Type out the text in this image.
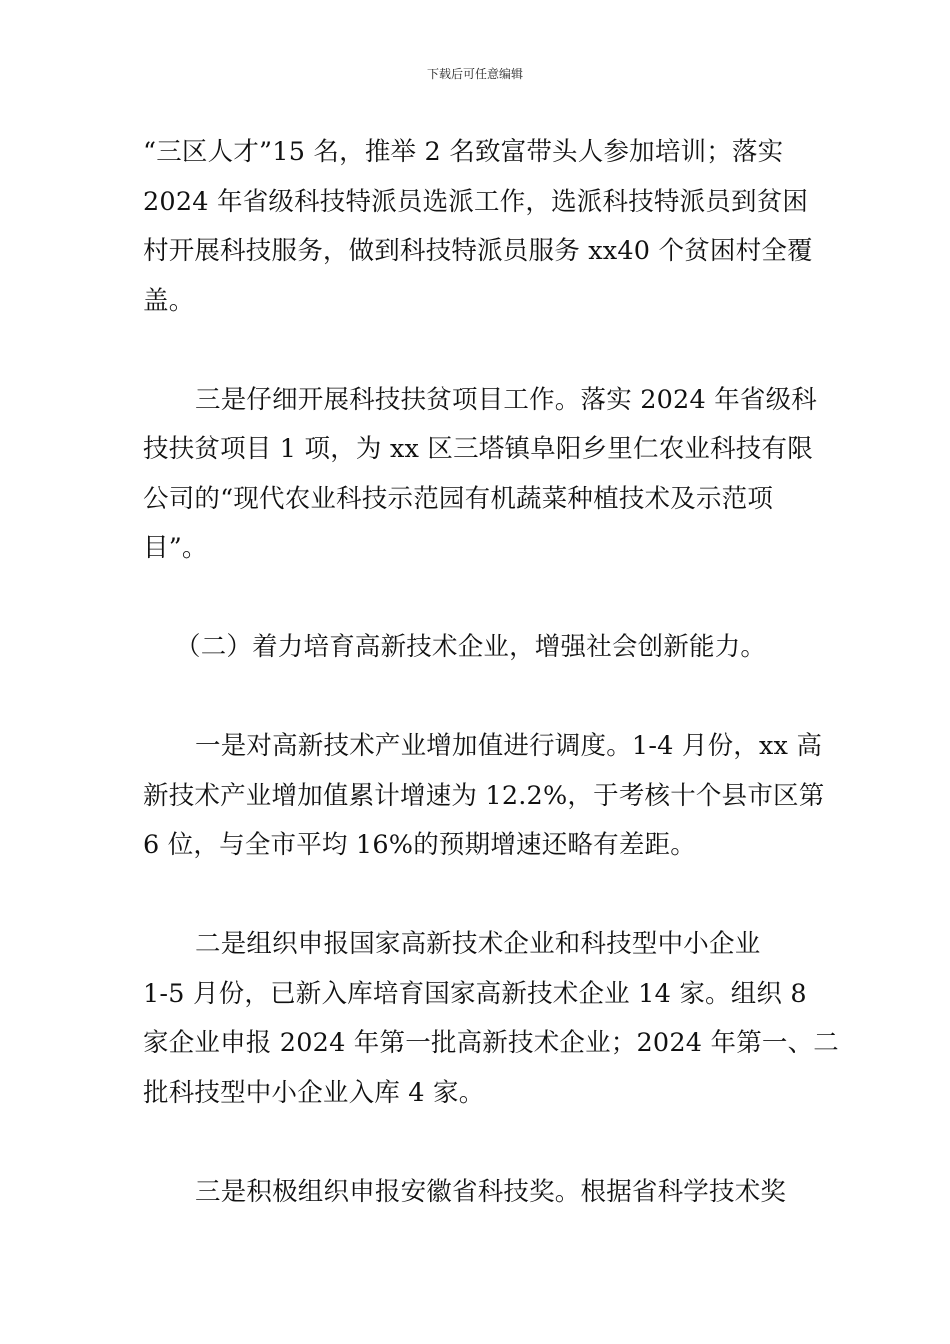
下载后可任意编辑

“三区人才”15 名，推举 2 名致富带头人参加培训；落实
2024 年省级科技特派员选派工作，选派科技特派员到贫困
村开展科技服务，做到科技特派员服务 xx40 个贫困村全覆
盖。

三是仔细开展科技扶贫项目工作。落实 2024 年省级科
技扶贫项目 1 项，为 xx 区三塔镇阜阳乡里仁农业科技有限
公司的“现代农业科技示范园有机蔬菜种植技术及示范项
目”。

（二）着力培育高新技术企业，增强社会创新能力。

一是对高新技术产业增加值进行调度。1-4 月份，xx 高
新技术产业增加值累计增速为 12.2%，于考核十个县市区第
6 位，与全市平均 16%的预期增速还略有差距。

二是组织申报国家高新技术企业和科技型中小企业
1-5 月份，已新入库培育国家高新技术企业 14 家。组织 8
家企业申报 2024 年第一批高新技术企业；2024 年第一、二
批科技型中小企业入库 4 家。

三是积极组织申报安徽省科技奖。根据省科学技术奖
